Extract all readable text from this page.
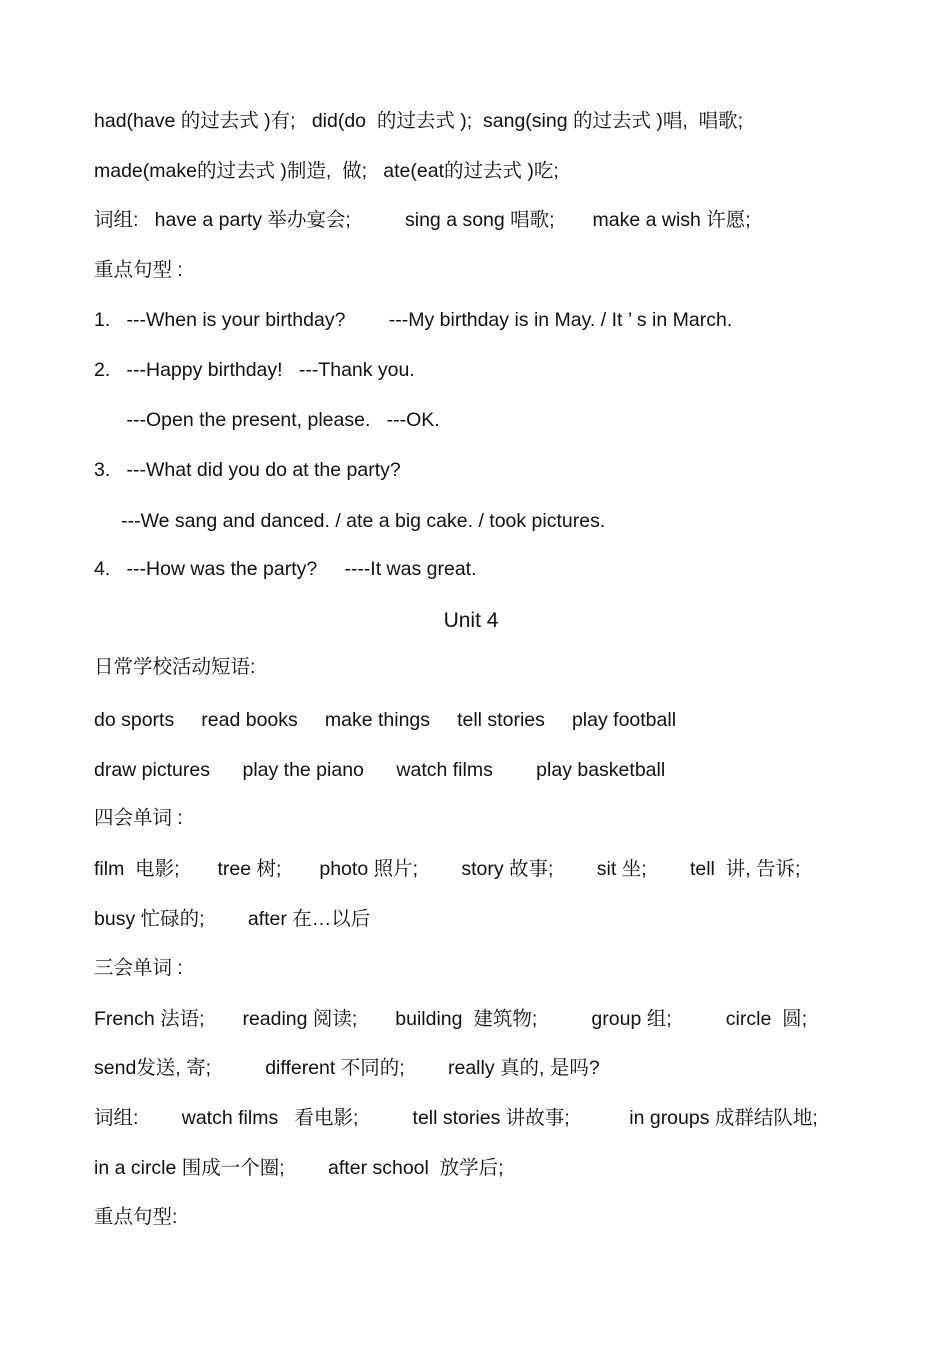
had(have 的过去式 )有;   did(do  的过去式 );  sang(sing 的过去式 )唱,  唱歌;
made(make的过去式 )制造,  做;   ate(eat的过去式 )吃;
词组:   have a party 举办宴会;          sing a song 唱歌;       make a wish 许愿;
重点句型 :
1.   ---When is your birthday?        ---My birthday is in May. / It ’ s in March.
2.   ---Happy birthday!   ---Thank you.
---Open the present, please.   ---OK.
3.   ---What did you do at the party?
---We sang and danced. / ate a big cake. / took pictures.
4.   ---How was the party?     ----It was great.
Unit 4
日常学校活动短语:
do sports     read books     make things     tell stories     play football
draw pictures      play the piano      watch films        play basketball
四会单词 :
film  电影;       tree 树;       photo 照片;        story 故事;        sit 坐;        tell  讲, 告诉;
busy 忙碌的;        after 在…以后
三会单词 :
French 法语;       reading 阅读;       building  建筑物;          group 组;          circle  圆;
send发送, 寄;          different 不同的;        really 真的, 是吗?
词组:        watch films   看电影;          tell stories 讲故事;           in groups 成群结队地;
in a circle 围成一个圈;        after school  放学后;
重点句型:
